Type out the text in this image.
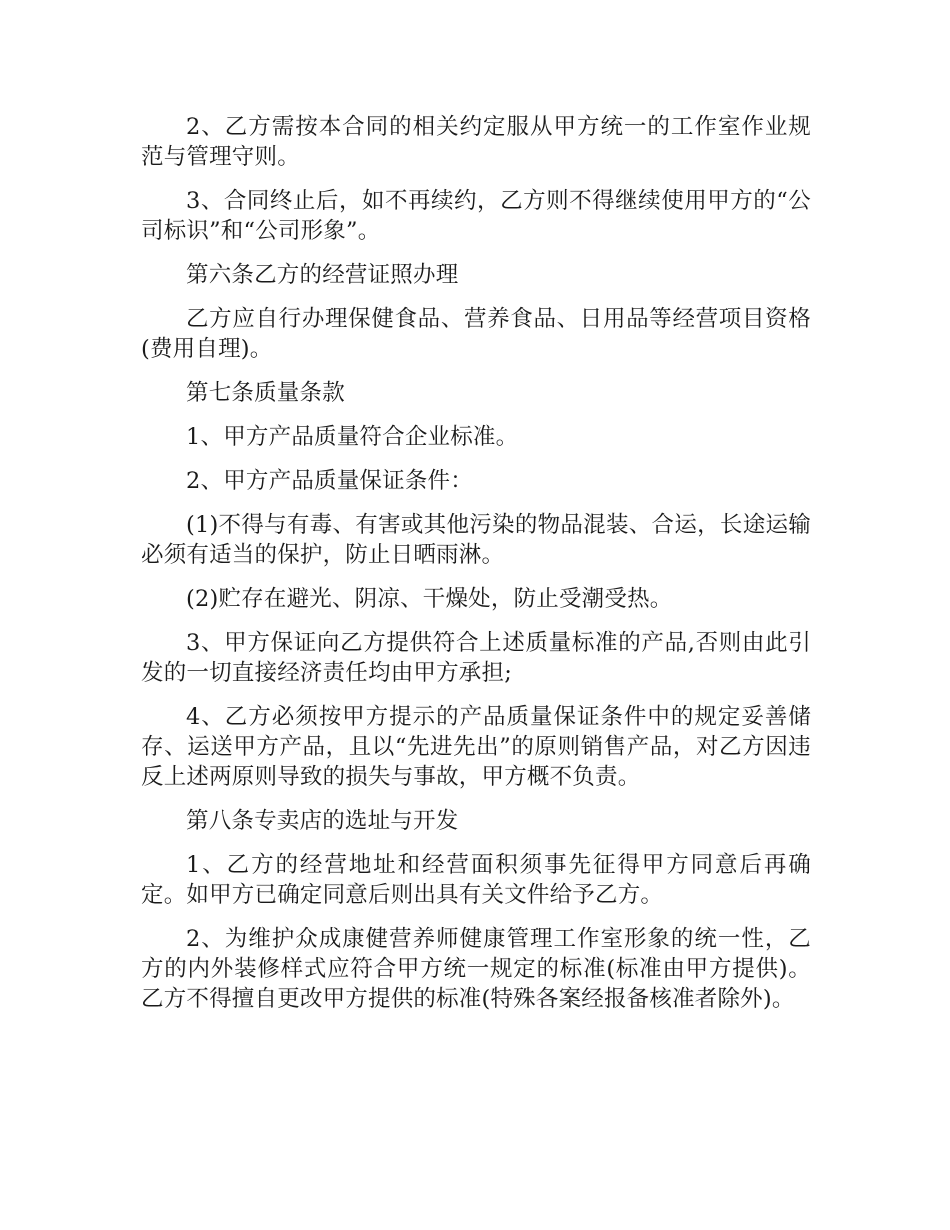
2、乙方需按本合同的相关约定服从甲方统一的工作室作业规范与管理守则。

3、合同终止后，如不再续约，乙方则不得继续使用甲方的“公司标识”和“公司形象”。

第六条乙方的经营证照办理

乙方应自行办理保健食品、营养食品、日用品等经营项目资格(费用自理)。

第七条质量条款

1、甲方产品质量符合企业标准。

2、甲方产品质量保证条件：

(1)不得与有毒、有害或其他污染的物品混装、合运，长途运输必须有适当的保护，防止日晒雨淋。

(2)贮存在避光、阴凉、干燥处，防止受潮受热。

3、甲方保证向乙方提供符合上述质量标准的产品,否则由此引发的一切直接经济责任均由甲方承担;

4、乙方必须按甲方提示的产品质量保证条件中的规定妥善储存、运送甲方产品，且以“先进先出”的原则销售产品，对乙方因违反上述两原则导致的损失与事故，甲方概不负责。

第八条专卖店的选址与开发

1、乙方的经营地址和经营面积须事先征得甲方同意后再确定。如甲方已确定同意后则出具有关文件给予乙方。

2、为维护众成康健营养师健康管理工作室形象的统一性，乙方的内外装修样式应符合甲方统一规定的标准(标准由甲方提供)。乙方不得擅自更改甲方提供的标准(特殊各案经报备核准者除外)。
